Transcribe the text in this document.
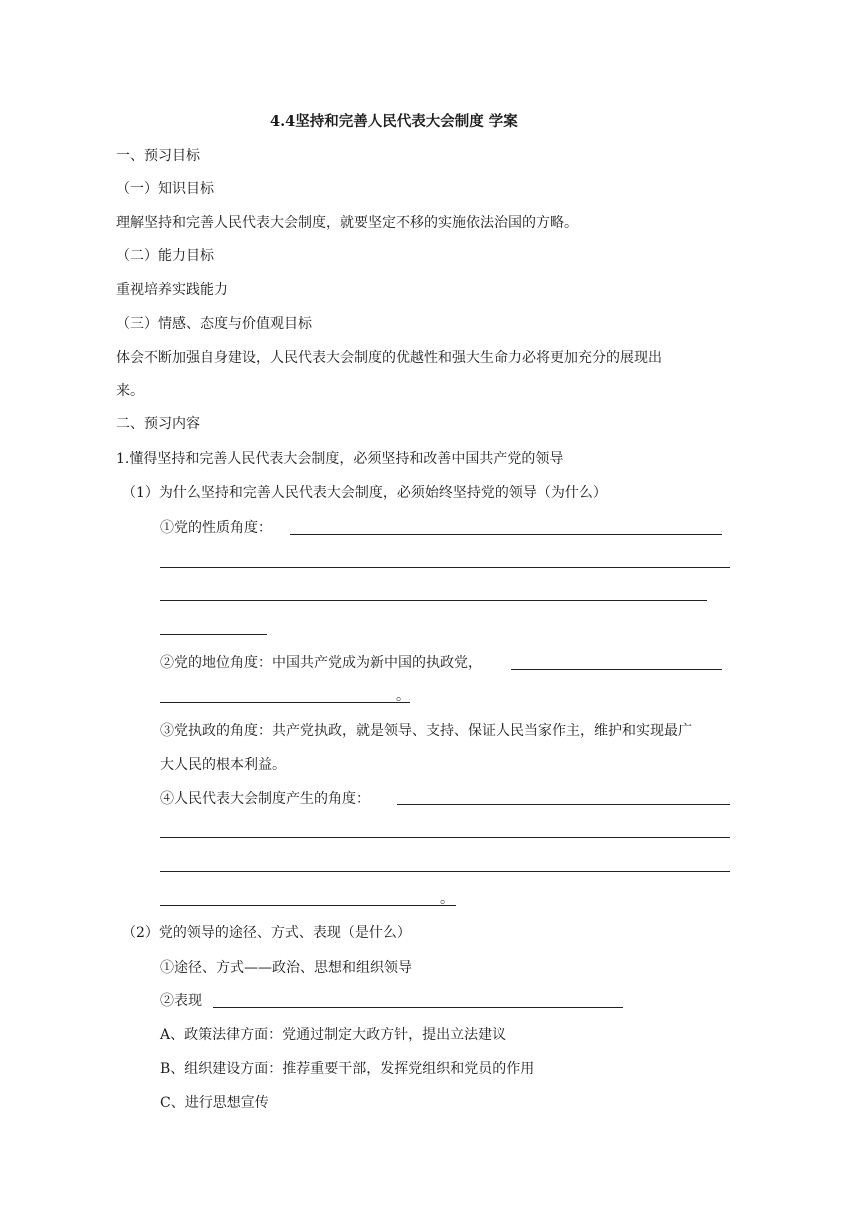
4.4坚持和完善人民代表大会制度 学案
一、预习目标
（一）知识目标
理解坚持和完善人民代表大会制度，就要坚定不移的实施依法治国的方略。
（二）能力目标
重视培养实践能力
（三）情感、态度与价值观目标
体会不断加强自身建设，人民代表大会制度的优越性和强大生命力必将更加充分的展现出
来。
二、预习内容
1.懂得坚持和完善人民代表大会制度，必须坚持和改善中国共产党的领导
（1）为什么坚持和完善人民代表大会制度，必须始终坚持党的领导（为什么）
①党的性质角度：
②党的地位角度：中国共产党成为新中国的执政党，
。
③党执政的角度：共产党执政，就是领导、支持、保证人民当家作主，维护和实现最广
大人民的根本利益。
④人民代表大会制度产生的角度：
。
（2）党的领导的途径、方式、表现（是什么）
①途径、方式——政治、思想和组织领导
②表现
A、政策法律方面：党通过制定大政方针，提出立法建议
B、组织建设方面：推荐重要干部，发挥党组织和党员的作用
C、进行思想宣传
